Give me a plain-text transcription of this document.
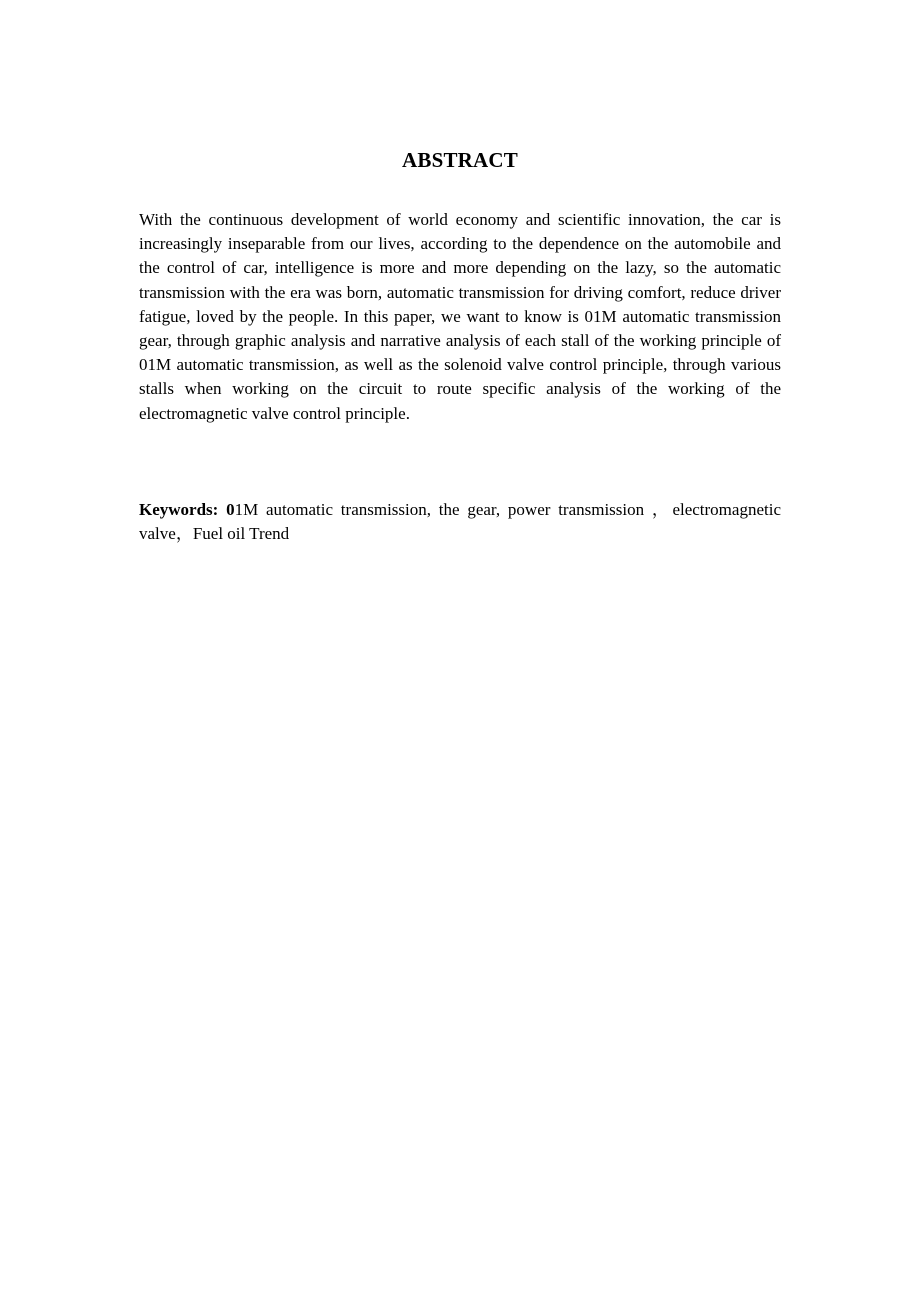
ABSTRACT

With the continuous development of world economy and scientific innovation, the car is increasingly inseparable from our lives, according to the dependence on the automobile and the control of car, intelligence is more and more depending on the lazy, so the automatic transmission with the era was born, automatic transmission for driving comfort, reduce driver fatigue, loved by the people. In this paper, we want to know is 01M automatic transmission gear, through graphic analysis and narrative analysis of each stall of the working principle of 01M automatic transmission, as well as the solenoid valve control principle, through various stalls when working on the circuit to route specific analysis of the working of the electromagnetic valve control principle.

Keywords: 01M automatic transmission, the gear, power transmission ，electromagnetic valve，Fuel oil Trend
